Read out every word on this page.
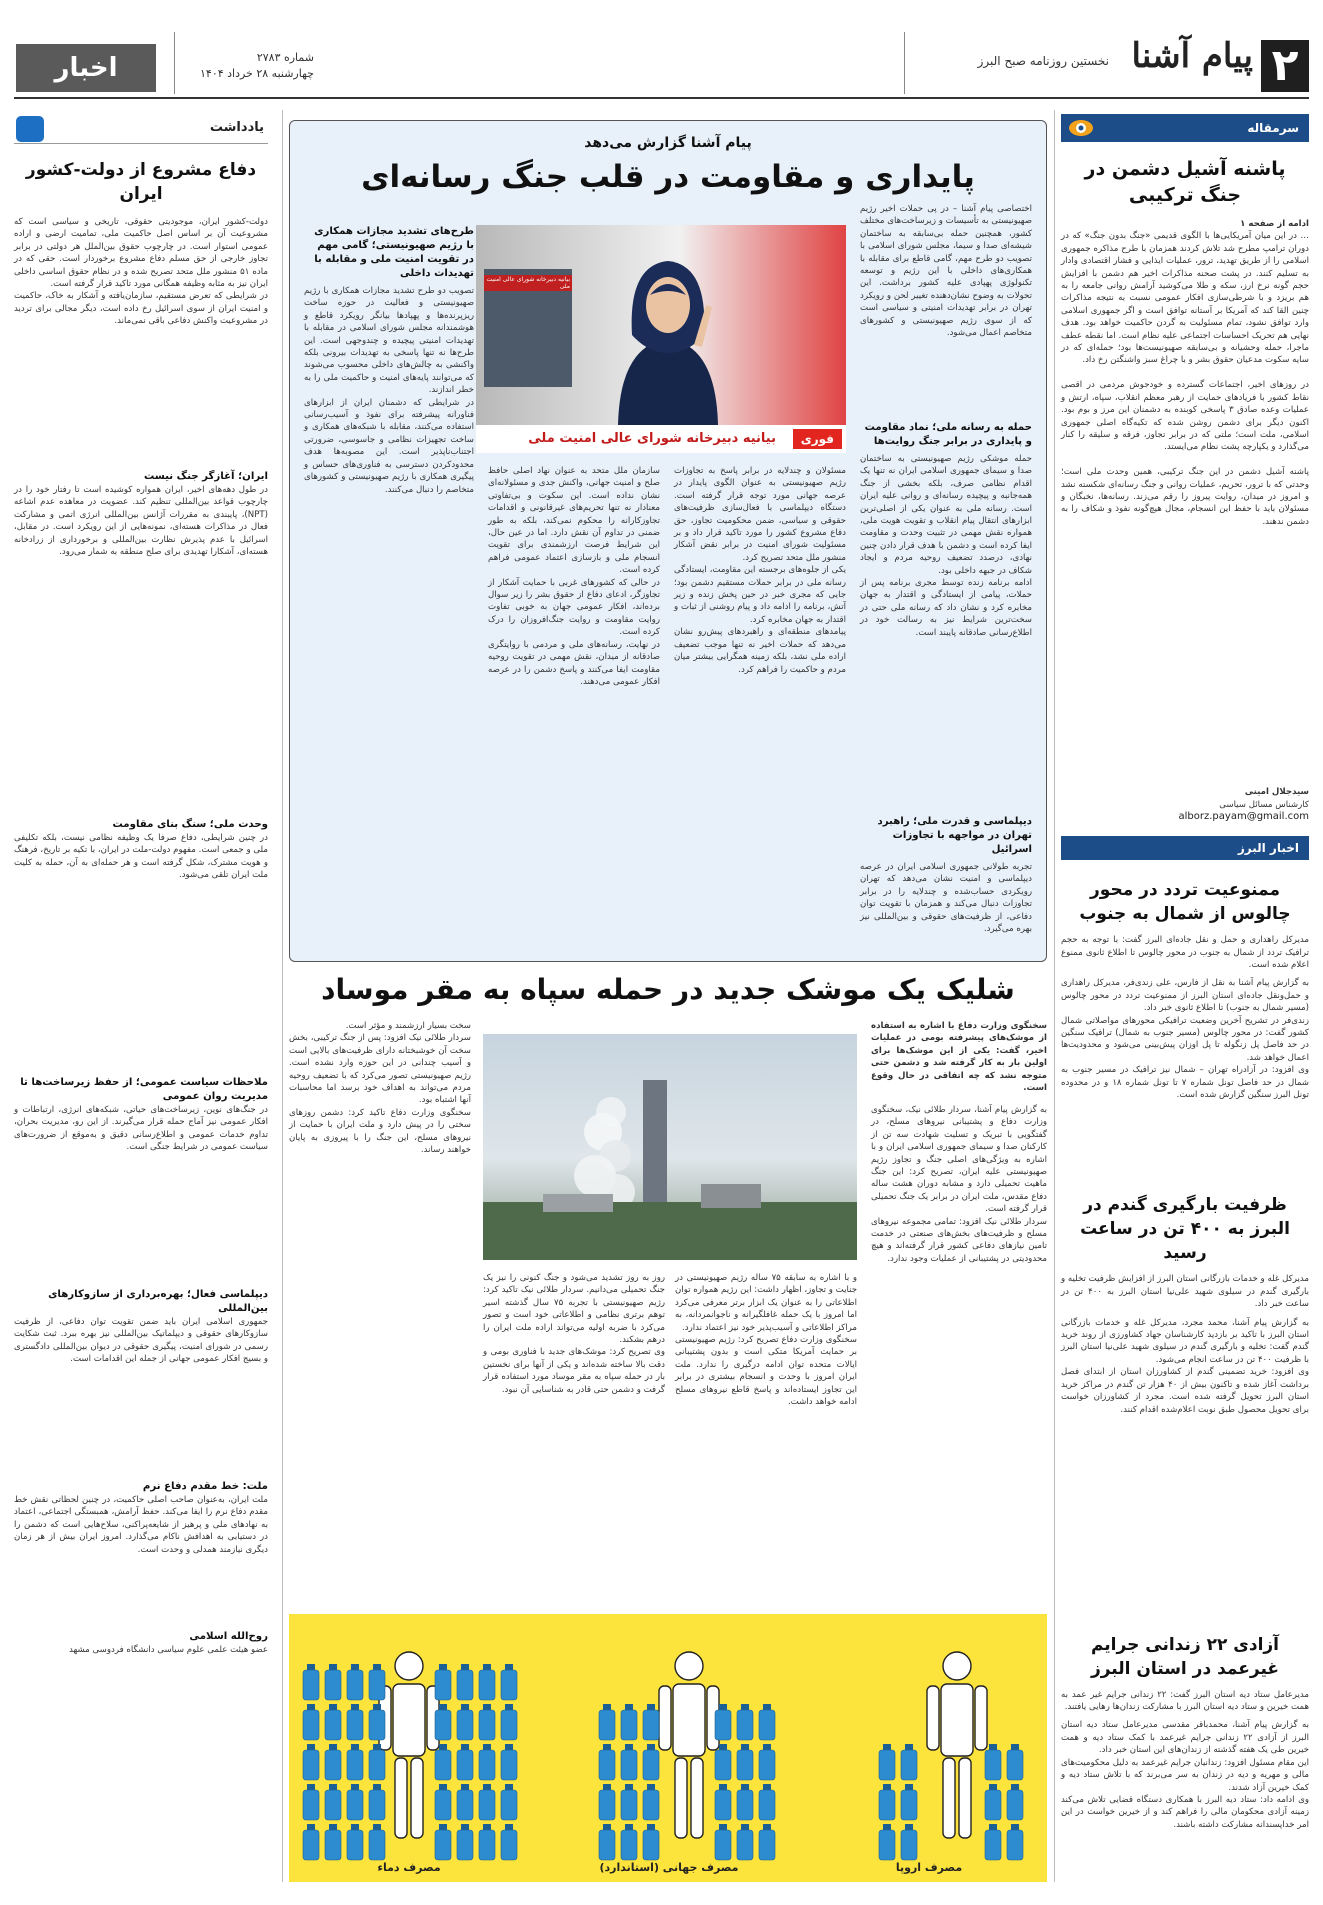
۲
پیام آشنا
نخستین روزنامه صبح البرز
شماره ۲۷۸۳
چهارشنبه ۲۸ خرداد ۱۴۰۴
اخبار
سرمقاله
پاشنه آشیل دشمن در جنگ ترکیبی
ادامه از صفحه ۱
… در این میان آمریکایی‌ها با الگوی قدیمی «جنگ بدون جنگ» که در دوران ترامپ مطرح شد تلاش کردند همزمان با طرح مذاکره جمهوری اسلامی را از طریق تهدید، ترور، عملیات ایذایی و فشار اقتصادی وادار به تسلیم کنند. در پشت صحنه مذاکرات اخیر هم دشمن با افزایش حجم گونه نرخ ارز، سکه و طلا می‌کوشید آرامش روانی جامعه را به هم بریزد و با شرطی‌سازی افکار عمومی نسبت به نتیجه مذاکرات چنین القا کند که آمریکا بر آستانه توافق است و اگر جمهوری اسلامی وارد توافق نشود، تمام مسئولیت به گردن حاکمیت خواهد بود. هدف نهایی هم تحریک احساسات اجتماعی علیه نظام است. اما نقطه عطف ماجرا، حمله وحشیانه و بی‌سابقه صهیونیست‌ها بود؛ حمله‌ای که در سایه سکوت مدعیان حقوق بشر و با چراغ سبز واشنگتن رخ داد.

در روزهای اخیر، اجتماعات گسترده و خودجوش مردمی در اقصی نقاط کشور با فریادهای حمایت از رهبر معظم انقلاب، سپاه، ارتش و عملیات وعده صادق ۳ پاسخی کوبنده به دشمنان این مرز و بوم بود. اکنون دیگر برای دشمن روشن شده که تکیه‌گاه اصلی جمهوری اسلامی، ملت است؛ ملتی که در برابر تجاوز، فرقه و سلیقه را کنار می‌گذارد و یکپارچه پشت نظام می‌ایستد.

پاشنه آشیل دشمن در این جنگ ترکیبی، همین وحدت ملی است؛ وحدتی که با ترور، تحریم، عملیات روانی و جنگ رسانه‌ای شکسته نشد و امروز در میدان، روایت پیروز را رقم می‌زند. رسانه‌ها، نخبگان و مسئولان باید با حفظ این انسجام، مجال هیچ‌گونه نفوذ و شکاف را به دشمن ندهند.
سیدجلال امینی
کارشناس مسائل سیاسی
alborz.payam@gmail.com
اخبار البرز
ممنوعیت تردد در محور چالوس از شمال به جنوب
مدیرکل راهداری و حمل و نقل جاده‌ای البرز گفت: با توجه به حجم ترافیک تردد از شمال به جنوب در محور چالوس تا اطلاع ثانوی ممنوع اعلام شده است.
به گزارش پیام آشنا به نقل از فارس، علی زندی‌فر، مدیرکل راهداری و حمل‌ونقل جاده‌ای استان البرز از ممنوعیت تردد در محور چالوس (مسیر شمال به جنوب) تا اطلاع ثانوی خبر داد.
زندی‌فر در تشریح آخرین وضعیت ترافیکی محورهای مواصلاتی شمال کشور گفت: در محور چالوس (مسیر جنوب به شمال) ترافیک سنگین در حد فاصل پل زنگوله تا پل اوزان پیش‌بینی می‌شود و محدودیت‌ها اعمال خواهد شد.
وی افزود: در آزادراه تهران – شمال نیز ترافیک در مسیر جنوب به شمال در حد فاصل تونل شماره ۷ تا تونل شماره ۱۸ و در محدوده تونل البرز سنگین گزارش شده است.
ظرفیت بارگیری گندم در البرز به ۴۰۰ تن در ساعت رسید
مدیرکل غله و خدمات بازرگانی استان البرز از افزایش ظرفیت تخلیه و بارگیری گندم در سیلوی شهید علی‌نیا استان البرز به ۴۰۰ تن در ساعت خبر داد.
به گزارش پیام آشنا، محمد مجرد، مدیرکل غله و خدمات بازرگانی استان البرز با تاکید بر بازدید کارشناسان جهاد کشاورزی از روند خرید گندم گفت: تخلیه و بارگیری گندم در سیلوی شهید علی‌نیا استان البرز با ظرفیت ۴۰۰ تن در ساعت انجام می‌شود.
وی افزود: خرید تضمینی گندم از کشاورزان استان از ابتدای فصل برداشت آغاز شده و تاکنون بیش از ۴۰ هزار تن گندم در مراکز خرید استان البرز تحویل گرفته شده است. مجرد از کشاورزان خواست برای تحویل محصول طبق نوبت اعلام‌شده اقدام کنند.
آزادی ۲۲ زندانی جرایم غیرعمد در استان البرز
مدیرعامل ستاد دیه استان البرز گفت: ۲۲ زندانی جرایم غیر عمد به همت خیرین و ستاد دیه استان البرز با مشارکت زندان‌ها رهایی یافتند.
به گزارش پیام آشنا، محمدباقر مقدسی مدیرعامل ستاد دیه استان البرز از آزادی ۲۲ زندانی جرایم غیرعمد با کمک ستاد دیه و همت خیرین طی یک هفته گذشته از زندان‌های این استان خبر داد.
این مقام مسئول افزود: زندانیان جرایم غیرعمد به دلیل محکومیت‌های مالی و مهریه و دیه در زندان به سر می‌برند که با تلاش ستاد دیه و کمک خیرین آزاد شدند.
وی ادامه داد: ستاد دیه البرز با همکاری دستگاه قضایی تلاش می‌کند زمینه آزادی محکومان مالی را فراهم کند و از خیرین خواست در این امر خداپسندانه مشارکت داشته باشند.
پیام آشنا گزارش می‌دهد
پایداری و مقاومت در قلب جنگ رسانه‌ای
اختصاصی پیام آشنا – در پی حملات اخیر رژیم صهیونیستی به تأسیسات و زیرساخت‌های مختلف کشور، همچنین حمله بی‌سابقه به ساختمان شیشه‌ای صدا و سیما، مجلس شورای اسلامی با تصویب دو طرح مهم، گامی قاطع برای مقابله با همکاری‌های داخلی با این رژیم و توسعه تکنولوژی پهپادی علیه کشور برداشت. این تحولات به وضوح نشان‌دهنده تغییر لحن و رویکرد تهران در برابر تهدیدات امنیتی و سیاسی است که از سوی رژیم صهیونیستی و کشورهای متخاصم اعمال می‌شود.
بیانیه دبیرخانه شورای عالی امنیت ملی
بیانیه دبیرخانه شورای عالی امنیت ملی	فوری
طرح‌های تشدید مجازات همکاری با رژیم صهیونیستی؛ گامی مهم در تقویت امنیت ملی و مقابله با تهدیدات داخلی
تصویب دو طرح تشدید مجازات همکاری با رژیم صهیونیستی و فعالیت در حوزه ساخت ریزپرنده‌ها و پهپادها بیانگر رویکرد قاطع و هوشمندانه مجلس شورای اسلامی در مقابله با تهدیدات امنیتی پیچیده و چندوجهی است. این طرح‌ها نه تنها پاسخی به تهدیدات بیرونی بلکه واکنشی به چالش‌های داخلی محسوب می‌شوند که می‌توانند پایه‌های امنیت و حاکمیت ملی را به خطر اندازند.
در شرایطی که دشمنان ایران از ابزارهای فناورانه پیشرفته برای نفوذ و آسیب‌رسانی استفاده می‌کنند، مقابله با شبکه‌های همکاری و ساخت تجهیزات نظامی و جاسوسی، ضرورتی اجتناب‌ناپذیر است. این مصوبه‌ها هدف محدودکردن دسترسی به فناوری‌های حساس و پیگیری همکاری با رژیم صهیونیستی و کشورهای متخاصم را دنبال می‌کنند.
حمله به رسانه ملی؛ نماد مقاومت و پایداری در برابر جنگ روایت‌ها
حمله موشکی رژیم صهیونیستی به ساختمان صدا و سیمای جمهوری اسلامی ایران نه تنها یک اقدام نظامی صرف، بلکه بخشی از جنگ همه‌جانبه و پیچیده رسانه‌ای و روانی علیه ایران است. رسانه ملی به عنوان یکی از اصلی‌ترین ابزارهای انتقال پیام انقلاب و تقویت هویت ملی، همواره نقش مهمی در تثبیت وحدت و مقاومت ایفا کرده است و دشمن با هدف قرار دادن چنین نهادی، درصدد تضعیف روحیه مردم و ایجاد شکاف در جبهه داخلی بود.
ادامه برنامه زنده توسط مجری برنامه پس از حملات، پیامی از ایستادگی و اقتدار به جهان مخابره کرد و نشان داد که رسانه ملی حتی در سخت‌ترین شرایط نیز به رسالت خود در اطلاع‌رسانی صادقانه پایبند است.
دیپلماسی و قدرت ملی؛ راهبرد تهران در مواجهه با تجاوزات اسرائیل
تجربه طولانی جمهوری اسلامی ایران در عرصه دیپلماسی و امنیت نشان می‌دهد که تهران رویکردی حساب‌شده و چندلایه را در برابر تجاوزات دنبال می‌کند و همزمان با تقویت توان دفاعی، از ظرفیت‌های حقوقی و بین‌المللی نیز بهره می‌گیرد.
مسئولان و چندلایه در برابر پاسخ به تجاوزات رژیم صهیونیستی به عنوان الگوی پایدار در عرصه جهانی مورد توجه قرار گرفته است. دستگاه دیپلماسی با فعال‌سازی ظرفیت‌های حقوقی و سیاسی، ضمن محکومیت تجاوز، حق دفاع مشروع کشور را مورد تاکید قرار داد و بر مسئولیت شورای امنیت در برابر نقض آشکار منشور ملل متحد تصریح کرد.
یکی از جلوه‌های برجسته این مقاومت، ایستادگی رسانه ملی در برابر حملات مستقیم دشمن بود؛ جایی که مجری خبر در حین پخش زنده و زیر آتش، برنامه را ادامه داد و پیام روشنی از ثبات و اقتدار به جهان مخابره کرد.
پیامدهای منطقه‌ای و راهبردهای پیش‌رو نشان می‌دهد که حملات اخیر نه تنها موجب تضعیف اراده ملی نشد، بلکه زمینه همگرایی بیشتر میان مردم و حاکمیت را فراهم کرد.
سازمان ملل متحد به عنوان نهاد اصلی حافظ صلح و امنیت جهانی، واکنش جدی و مسئولانه‌ای نشان نداده است. این سکوت و بی‌تفاوتی معنادار نه تنها تحریم‌های غیرقانونی و اقدامات تجاوزکارانه را محکوم نمی‌کند، بلکه به طور ضمنی در تداوم آن نقش دارد. اما در عین حال، این شرایط فرصت ارزشمندی برای تقویت انسجام ملی و بازسازی اعتماد عمومی فراهم کرده است.
در حالی که کشورهای غربی با حمایت آشکار از تجاوزگر، ادعای دفاع از حقوق بشر را زیر سوال برده‌اند، افکار عمومی جهان به خوبی تفاوت روایت مقاومت و روایت جنگ‌افروزان را درک کرده است.
در نهایت، رسانه‌های ملی و مردمی با روایتگری صادقانه از میدان، نقش مهمی در تقویت روحیه مقاومت ایفا می‌کنند و پاسخ دشمن را در عرصه افکار عمومی می‌دهند.
شلیک یک موشک جدید در حمله سپاه به مقر موساد
سخنگوی وزارت دفاع با اشاره به استفاده از موشک‌های پیشرفته بومی در عملیات اخیر، گفت: یکی از این موشک‌ها برای اولین بار به کار گرفته شد و دشمن حتی متوجه نشد که چه اتفاقی در حال وقوع است.
به گزارش پیام آشنا، سردار طلائی نیک، سخنگوی وزارت دفاع و پشتیبانی نیروهای مسلح، در گفتگویی با تبریک و تسلیت شهادت سه تن از کارکنان صدا و سیمای جمهوری اسلامی ایران و با اشاره به ویژگی‌های اصلی جنگ و تجاوز رژیم صهیونیستی علیه ایران، تصریح کرد: این جنگ ماهیت تحمیلی دارد و مشابه دوران هشت ساله دفاع مقدس، ملت ایران در برابر یک جنگ تحمیلی قرار گرفته است.
سردار طلائی نیک افزود: تمامی مجموعه نیروهای مسلح و ظرفیت‌های بخش‌های صنعتی در خدمت تامین نیازهای دفاعی کشور قرار گرفته‌اند و هیچ محدودیتی در پشتیبانی از عملیات وجود ندارد.
و با اشاره به سابقه ۷۵ ساله رژیم صهیونیستی در جنایت و تجاوز، اظهار داشت: این رژیم همواره توان اطلاعاتی را به عنوان یک ابزار برتر معرفی می‌کرد اما امروز با یک حمله غافلگیرانه و ناجوانمردانه، به مراکز اطلاعاتی و آسیب‌پذیر خود نیز اعتماد ندارد.
سخنگوی وزارت دفاع تصریح کرد: رژیم صهیونیستی بر حمایت آمریکا متکی است و بدون پشتیبانی ایالات متحده توان ادامه درگیری را ندارد. ملت ایران امروز با وحدت و انسجام بیشتری در برابر این تجاوز ایستاده‌اند و پاسخ قاطع نیروهای مسلح ادامه خواهد داشت.
روز به روز تشدید می‌شود و جنگ کنونی را نیز یک جنگ تحمیلی می‌دانیم. سردار طلائی نیک تاکید کرد: رژیم صهیونیستی با تجربه ۷۵ سال گذشته اسیر توهم برتری نظامی و اطلاعاتی خود است و تصور می‌کرد با ضربه اولیه می‌تواند اراده ملت ایران را درهم بشکند.
وی تصریح کرد: موشک‌های جدید با فناوری بومی و دقت بالا ساخته شده‌اند و یکی از آنها برای نخستین بار در حمله سپاه به مقر موساد مورد استفاده قرار گرفت و دشمن حتی قادر به شناسایی آن نبود.
سخت بسیار ارزشمند و مؤثر است.
سردار طلائی نیک افزود: پس از جنگ ترکیبی، بخش سخت آن خوشبختانه دارای ظرفیت‌های بالایی است و آسیب چندانی در این حوزه وارد نشده است. رژیم صهیونیستی تصور می‌کرد که با تضعیف روحیه مردم می‌تواند به اهداف خود برسد اما محاسبات آنها اشتباه بود.
سخنگوی وزارت دفاع تاکید کرد: دشمن روزهای سختی را در پیش دارد و ملت ایران با حمایت از نیروهای مسلح، این جنگ را با پیروزی به پایان خواهند رساند.
مصرف اروپا
مصرف جهانی (استاندارد)
مصرف دماء
یادداشت
دفاع مشروع از دولت-کشور ایران
دولت-کشور ایران، موجودیتی حقوقی، تاریخی و سیاسی است که مشروعیت آن بر اساس اصل حاکمیت ملی، تمامیت ارضی و اراده عمومی استوار است. در چارچوب حقوق بین‌الملل هر دولتی در برابر تجاوز خارجی از حق مسلم دفاع مشروع برخوردار است. حقی که در ماده ۵۱ منشور ملل متحد تصریح شده و در نظام حقوق اساسی داخلی ایران نیز به مثابه وظیفه همگانی مورد تاکید قرار گرفته است.
در شرایطی که تعرض مستقیم، سازمان‌یافته و آشکار به خاک، حاکمیت و امنیت ایران از سوی اسرائیل رخ داده است، دیگر مجالی برای تردید در مشروعیت واکنش دفاعی باقی نمی‌ماند.
ایران؛ آغازگر جنگ نیست
در طول دهه‌های اخیر، ایران همواره کوشیده است تا رفتار خود را در چارچوب قواعد بین‌المللی تنظیم کند. عضویت در معاهده عدم اشاعه (NPT)، پایبندی به مقررات آژانس بین‌المللی انرژی اتمی و مشارکت فعال در مذاکرات هسته‌ای، نمونه‌هایی از این رویکرد است. در مقابل، اسرائیل با عدم پذیرش نظارت بین‌المللی و برخورداری از زرادخانه هسته‌ای، آشکارا تهدیدی برای صلح منطقه به شمار می‌رود.
وحدت ملی؛ سنگ بنای مقاومت
در چنین شرایطی، دفاع صرفا یک وظیفه نظامی نیست، بلکه تکلیفی ملی و جمعی است. مفهوم دولت-ملت در ایران، با تکیه بر تاریخ، فرهنگ و هویت مشترک، شکل گرفته است و هر حمله‌ای به آن، حمله به کلیت ملت ایران تلقی می‌شود.
ملاحظات سیاست عمومی؛ از حفظ زیرساخت‌ها تا مدیریت روان عمومی
در جنگ‌های نوین، زیرساخت‌های حیاتی، شبکه‌های انرژی، ارتباطات و افکار عمومی نیز آماج حمله قرار می‌گیرند. از این رو، مدیریت بحران، تداوم خدمات عمومی و اطلاع‌رسانی دقیق و به‌موقع از ضرورت‌های سیاست عمومی در شرایط جنگی است.
دیپلماسی فعال؛ بهره‌برداری از سازوکارهای بین‌المللی
جمهوری اسلامی ایران باید ضمن تقویت توان دفاعی، از ظرفیت سازوکارهای حقوقی و دیپلماتیک بین‌المللی نیز بهره ببرد. ثبت شکایت رسمی در شورای امنیت، پیگیری حقوقی در دیوان بین‌المللی دادگستری و بسیج افکار عمومی جهانی از جمله این اقدامات است.
ملت: خط مقدم دفاع نرم
ملت ایران، به‌عنوان صاحب اصلی حاکمیت، در چنین لحظاتی نقش خط مقدم دفاع نرم را ایفا می‌کند. حفظ آرامش، همبستگی اجتماعی، اعتماد به نهادهای ملی و پرهیز از شایعه‌پراکنی، سلاح‌هایی است که دشمن را در دستیابی به اهدافش ناکام می‌گذارد. امروز ایران بیش از هر زمان دیگری نیازمند همدلی و وحدت است.
روح‌الله اسلامی
عضو هیئت علمی علوم سیاسی دانشگاه فردوسی مشهد
